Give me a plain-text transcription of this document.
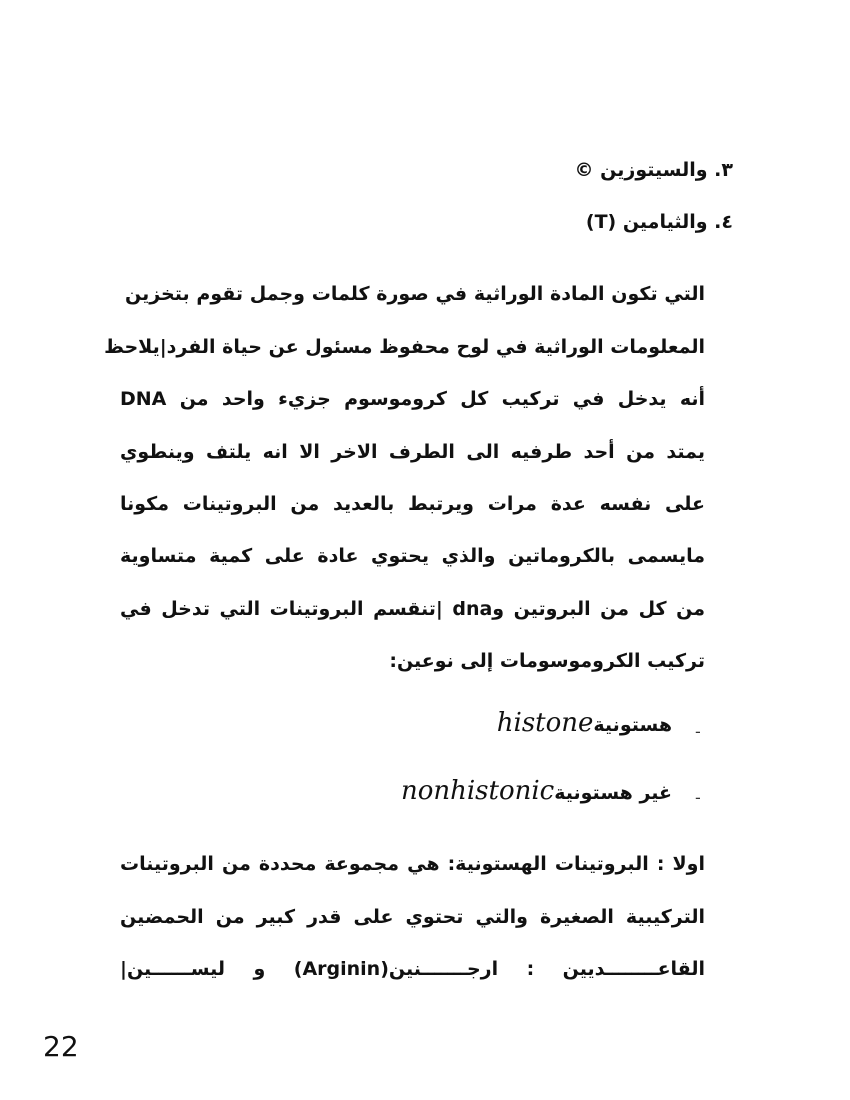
٣. والسيتوزين ©
٤. والثيامين (T)
التي تكون المادة الوراثية في صورة كلمات وجمل تقوم بتخزين
المعلومات الوراثية في لوح محفوظ مسئول عن حياة الفرد|يلاحظ
أنه يدخل في تركيب كل كروموسوم جزيء واحد من DNA
يمتد من أحد طرفيه الى الطرف الاخر الا انه يلتف وينطوي
على نفسه عدة مرات ويرتبط بالعديد من البروتينات مكونا
مايسمى بالكروماتين والذي يحتوي عادة على كمية متساوية
من كل من البروتين وdna |تنقسم البروتينات التي تدخل في
تركيب الكروموسومات إلى نوعين:
-
هستونيةhistone
-
غير هستونيةnonhistonic
اولا : البروتينات الهستونية: هي مجموعة محددة من البروتينات
التركيبية الصغيرة والتي تحتوي على قدر كبير من الحمضين
القاعــــــــديين : ارجـــــــنين(Arginin) و ليســــــين|
22
